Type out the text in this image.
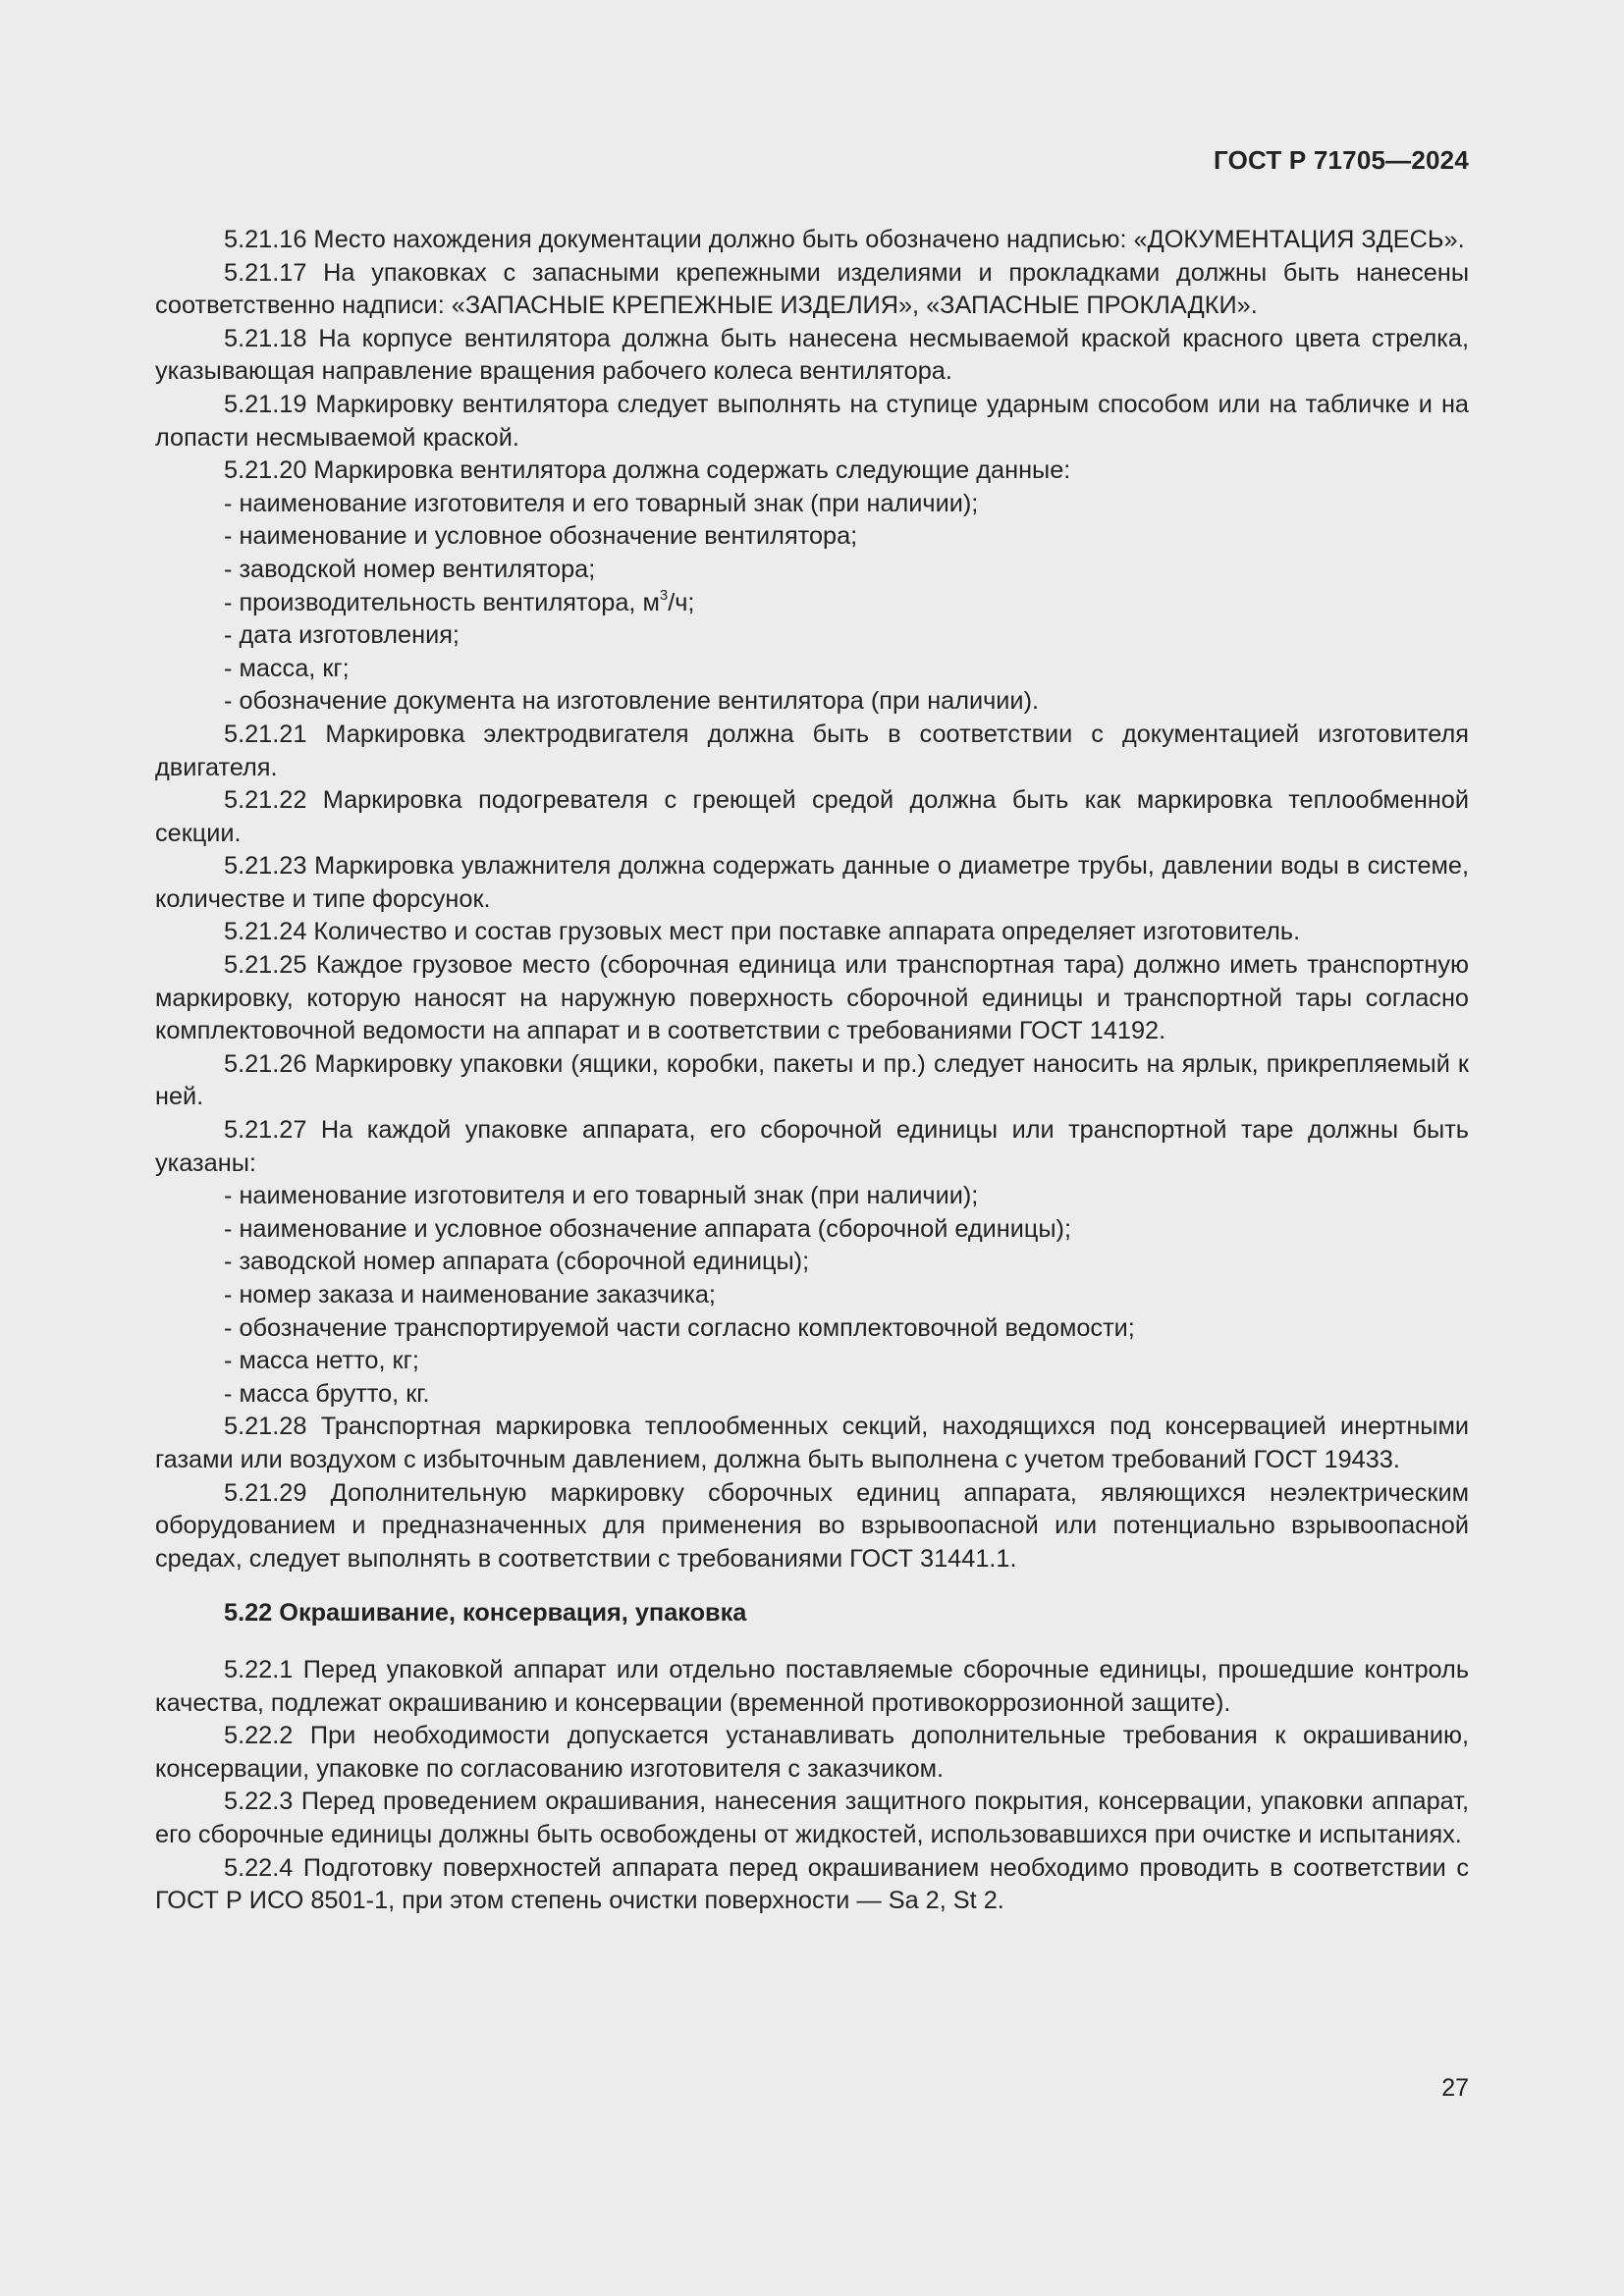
ГОСТ Р 71705—2024

5.21.16 Место нахождения документации должно быть обозначено надписью: «ДОКУМЕНТАЦИЯ ЗДЕСЬ».

5.21.17 На упаковках с запасными крепежными изделиями и прокладками должны быть нанесены соответственно надписи: «ЗАПАСНЫЕ КРЕПЕЖНЫЕ ИЗДЕЛИЯ», «ЗАПАСНЫЕ ПРОКЛАДКИ».

5.21.18 На корпусе вентилятора должна быть нанесена несмываемой краской красного цвета стрелка, указывающая направление вращения рабочего колеса вентилятора.

5.21.19 Маркировку вентилятора следует выполнять на ступице ударным способом или на табличке и на лопасти несмываемой краской.

5.21.20 Маркировка вентилятора должна содержать следующие данные:

- наименование изготовителя и его товарный знак (при наличии);

- наименование и условное обозначение вентилятора;

- заводской номер вентилятора;

- производительность вентилятора, $м^3/ч$;

- дата изготовления;

- масса, кг;

- обозначение документа на изготовление вентилятора (при наличии).

5.21.21 Маркировка электродвигателя должна быть в соответствии с документацией изготовителя двигателя.

5.21.22 Маркировка подогревателя с греющей средой должна быть как маркировка теплообменной секции.

5.21.23 Маркировка увлажнителя должна содержать данные о диаметре трубы, давлении воды в системе, количестве и типе форсунок.

5.21.24 Количество и состав грузовых мест при поставке аппарата определяет изготовитель.

5.21.25 Каждое грузовое место (сборочная единица или транспортная тара) должно иметь транспортную маркировку, которую наносят на наружную поверхность сборочной единицы и транспортной тары согласно комплектовочной ведомости на аппарат и в соответствии с требованиями ГОСТ 14192.

5.21.26 Маркировку упаковки (ящики, коробки, пакеты и пр.) следует наносить на ярлык, прикрепляемый к ней.

5.21.27 На каждой упаковке аппарата, его сборочной единицы или транспортной таре должны быть указаны:

- наименование изготовителя и его товарный знак (при наличии);

- наименование и условное обозначение аппарата (сборочной единицы);

- заводской номер аппарата (сборочной единицы);

- номер заказа и наименование заказчика;

- обозначение транспортируемой части согласно комплектовочной ведомости;

- масса нетто, кг;

- масса брутто, кг.

5.21.28 Транспортная маркировка теплообменных секций, находящихся под консервацией инертными газами или воздухом с избыточным давлением, должна быть выполнена с учетом требований ГОСТ 19433.

5.21.29 Дополнительную маркировку сборочных единиц аппарата, являющихся неэлектрическим оборудованием и предназначенных для применения во взрывоопасной или потенциально взрывоопасной средах, следует выполнять в соответствии с требованиями ГОСТ 31441.1.

5.22 Окрашивание, консервация, упаковка

5.22.1 Перед упаковкой аппарат или отдельно поставляемые сборочные единицы, прошедшие контроль качества, подлежат окрашиванию и консервации (временной противокоррозионной защите).

5.22.2 При необходимости допускается устанавливать дополнительные требования к окрашиванию, консервации, упаковке по согласованию изготовителя с заказчиком.

5.22.3 Перед проведением окрашивания, нанесения защитного покрытия, консервации, упаковки аппарат, его сборочные единицы должны быть освобождены от жидкостей, использовавшихся при очистке и испытаниях.

5.22.4 Подготовку поверхностей аппарата перед окрашиванием необходимо проводить в соответствии с ГОСТ Р ИСО 8501-1, при этом степень очистки поверхности — Sa 2, St 2.

27
